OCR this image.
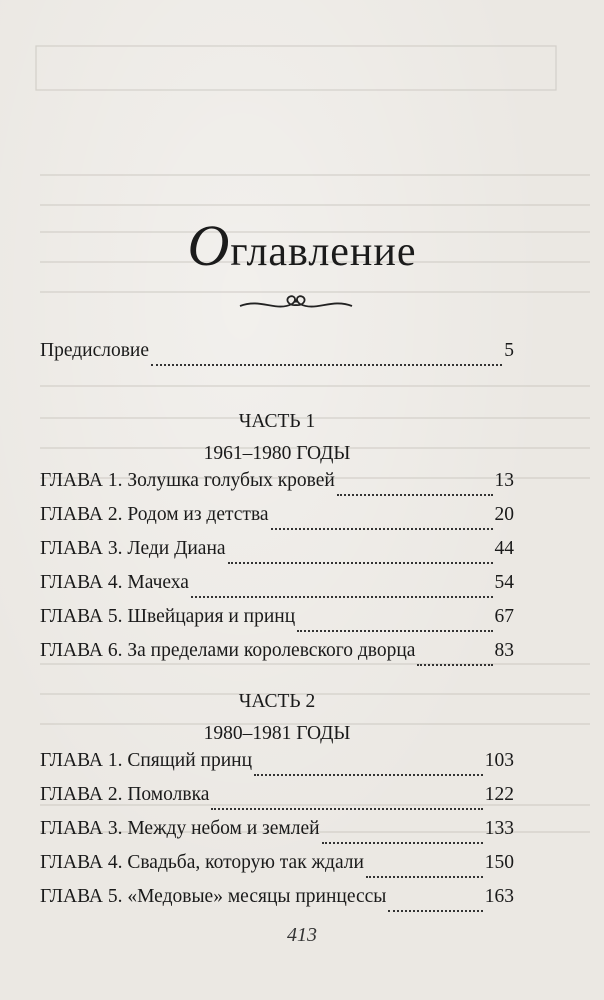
Оглавление
Предисловие	5
ЧАСТЬ 1
1961–1980 ГОДЫ
ГЛАВА 1. Золушка голубых кровей	13
ГЛАВА 2. Родом из детства	20
ГЛАВА 3. Леди Диана	44
ГЛАВА 4. Мачеха	54
ГЛАВА 5. Швейцария и принц	67
ГЛАВА 6. За пределами королевского дворца	83
ЧАСТЬ 2
1980–1981 ГОДЫ
ГЛАВА 1. Спящий принц	103
ГЛАВА 2. Помолвка	122
ГЛАВА 3. Между небом и землей	133
ГЛАВА 4. Свадьба, которую так ждали	150
ГЛАВА 5. «Медовые» месяцы принцессы	163
413
